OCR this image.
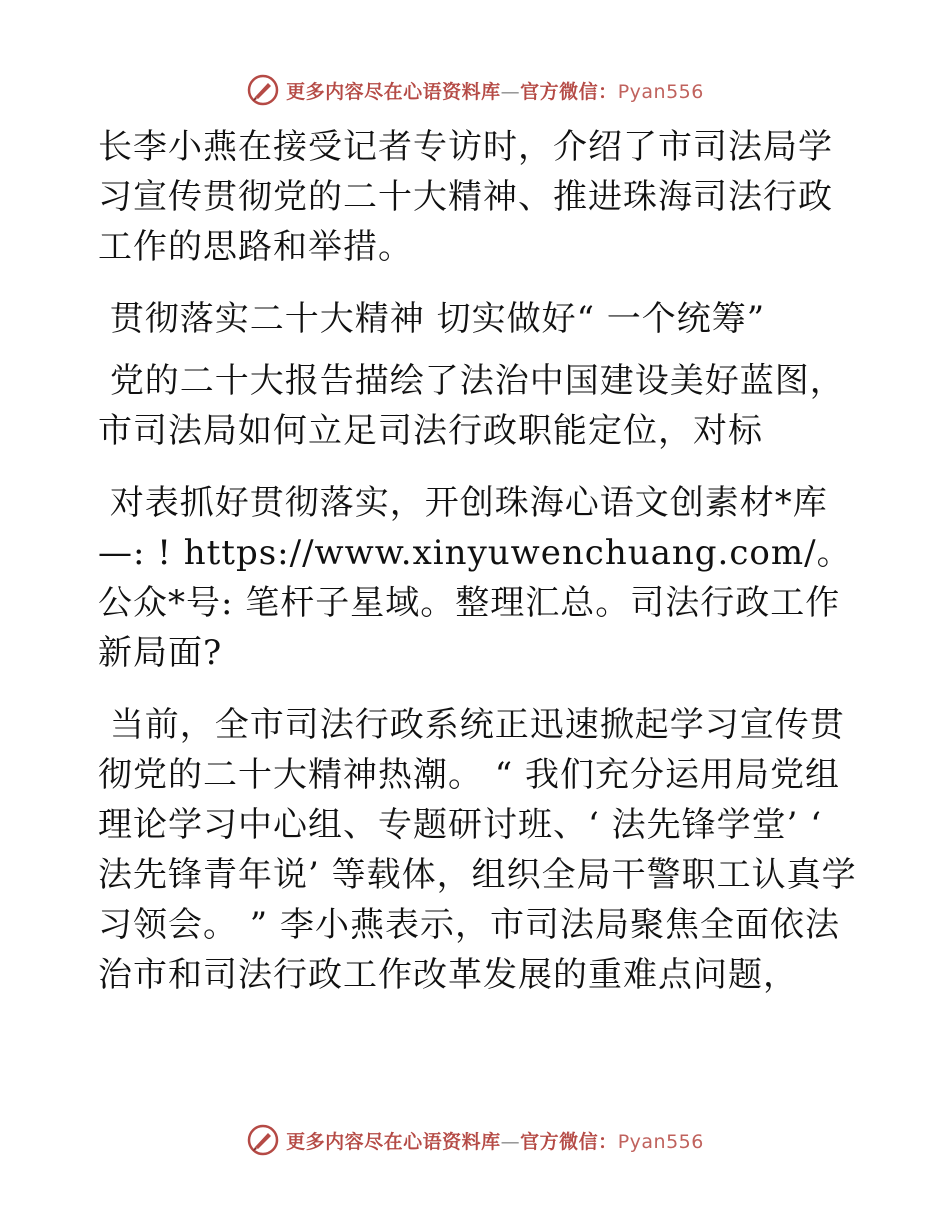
更多内容尽在心语资料库—官方微信：Pyan556

长李小燕在接受记者专访时，介绍了市司法局学习宣传贯彻党的二十大精神、推进珠海司法行政工作的思路和举措。

贯彻落实二十大精神 切实做好“ 一个统筹”

党的二十大报告描绘了法治中国建设美好蓝图，
市司法局如何立足司法行政职能定位，对标

对表抓好贯彻落实，开创珠海心语文创素材*库—: ! https://www.xinyuwenchuang.com/。公众*号: 笔杆子星域。整理汇总。司法行政工作新局面?

当前，全市司法行政系统正迅速掀起学习宣传贯彻党的二十大精神热潮。 “ 我们充分运用局党组理论学习中心组、专题研讨班、‘ 法先锋学堂’ ‘ 法先锋青年说’ 等载体，组织全局干警职工认真学习领会。 ” 李小燕表示，市司法局聚焦全面依法治市和司法行政工作改革发展的重难点问题，

更多内容尽在心语资料库—官方微信：Pyan556
